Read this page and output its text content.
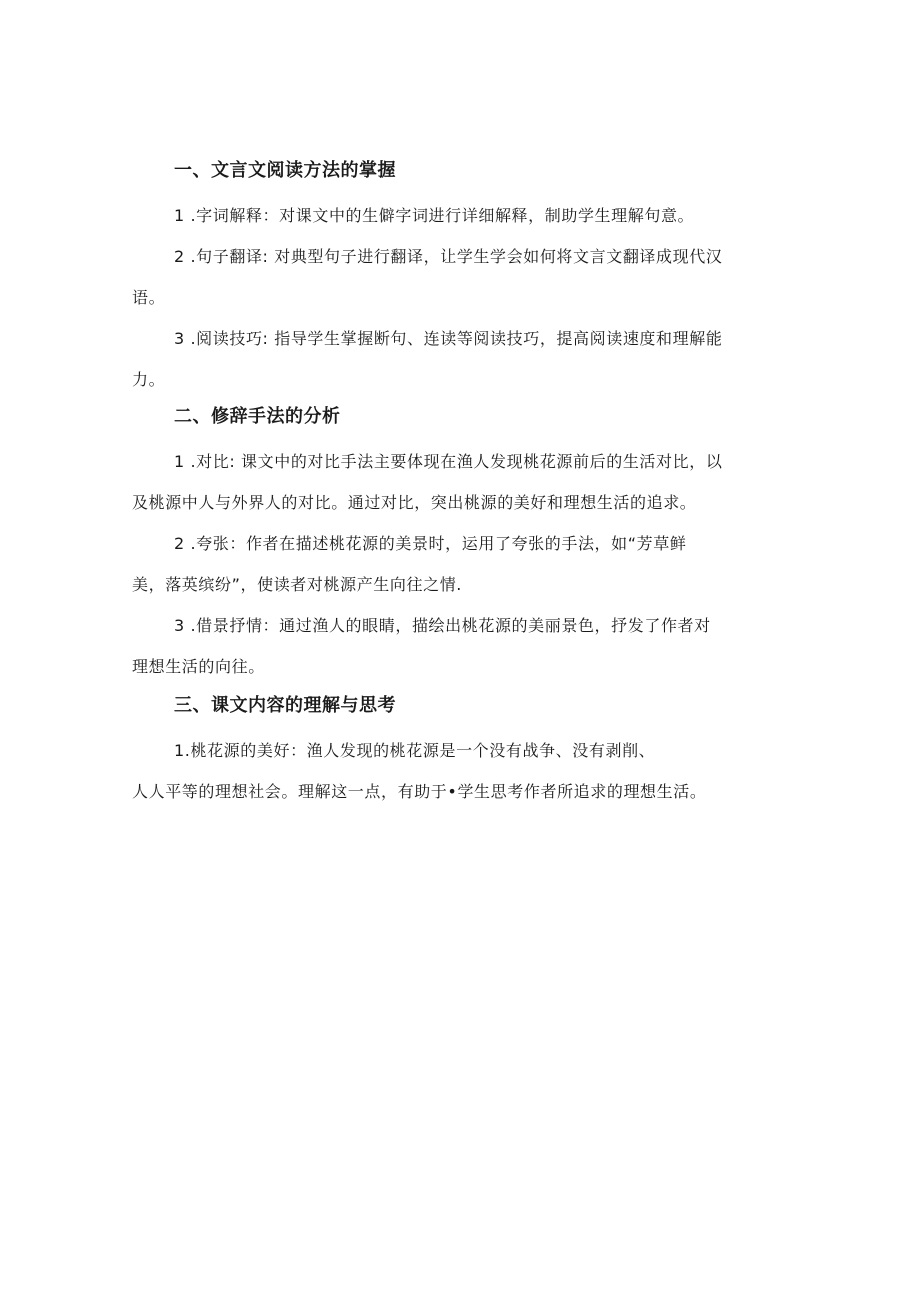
一、文言文阅读方法的掌握
1 .字词解释：对课文中的生僻字词进行详细解释，制助学生理解句意。
2 .句子翻译: 对典型句子进行翻译，让学生学会如何将文言文翻译成现代汉
语。
3 .阅读技巧: 指导学生掌握断句、连读等阅读技巧，提高阅读速度和理解能
力。
二、修辞手法的分析
1 .对比: 课文中的对比手法主要体现在渔人发现桃花源前后的生活对比，以
及桃源中人与外界人的对比。通过对比，突出桃源的美好和理想生活的追求。
2 .夸张：作者在描述桃花源的美景时，运用了夸张的手法，如“芳草鲜
美，落英缤纷”，使读者对桃源产生向往之情.
3 .借景抒情：通过渔人的眼睛，描绘出桃花源的美丽景色，抒发了作者对
理想生活的向往。
三、课文内容的理解与思考
1.桃花源的美好：渔人发现的桃花源是一个没有战争、没有剥削、
人人平等的理想社会。理解这一点，有助于•学生思考作者所追求的理想生活。
